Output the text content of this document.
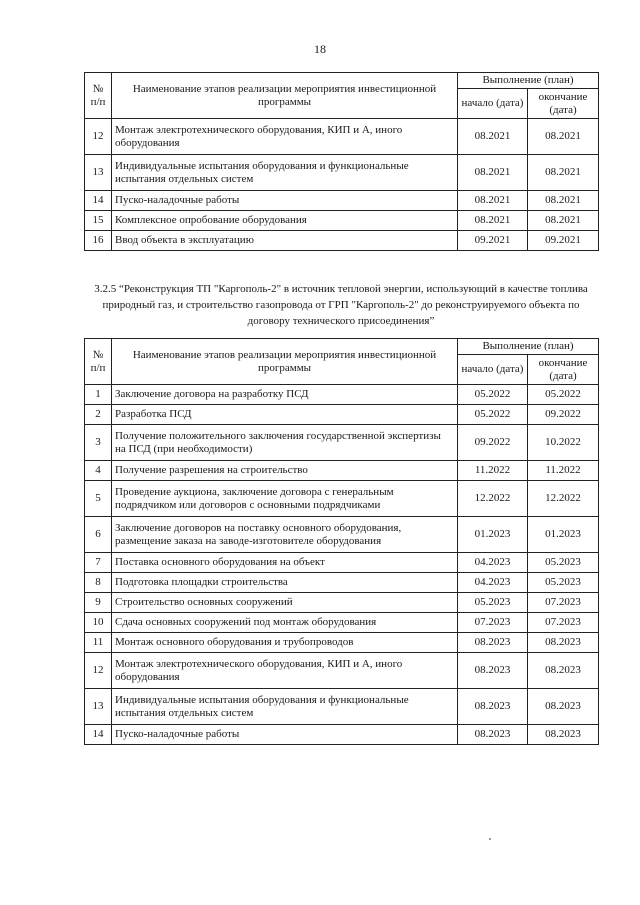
18
№ п/п	Наименование этапов реализации мероприятия инвестиционной программы	Выполнение (план)	
		начало (дата)	окончание (дата)
12	Монтаж электротехнического оборудования, КИП и А, иного оборудования	08.2021	08.2021
13	Индивидуальные испытания оборудования и функциональные испытания отдельных систем	08.2021	08.2021
14	Пуско-наладочные работы	08.2021	08.2021
15	Комплексное опробование оборудования	08.2021	08.2021
16	Ввод объекта в эксплуатацию	09.2021	09.2021
3.2.5 “Реконструкция ТП "Каргополь-2" в источник тепловой энергии, использующий в качестве топлива природный газ, и строительство газопровода от ГРП "Каргополь-2" до реконструируемого объекта по договору технического присоединения”
№ п/п	Наименование этапов реализации мероприятия инвестиционной программы	Выполнение (план)	
		начало (дата)	окончание (дата)
1	Заключение договора на разработку ПСД	05.2022	05.2022
2	Разработка ПСД	05.2022	09.2022
3	Получение положительного заключения государственной экспертизы на ПСД (при необходимости)	09.2022	10.2022
4	Получение разрешения на строительство	11.2022	11.2022
5	Проведение аукциона, заключение договора с генеральным подрядчиком или договоров с основными подрядчиками	12.2022	12.2022
6	Заключение договоров на поставку основного оборудования, размещение заказа на заводе-изготовителе оборудования	01.2023	01.2023
7	Поставка основного оборудования на объект	04.2023	05.2023
8	Подготовка площадки строительства	04.2023	05.2023
9	Строительство основных сооружений	05.2023	07.2023
10	Сдача основных сооружений под монтаж оборудования	07.2023	07.2023
11	Монтаж основного оборудования и трубопроводов	08.2023	08.2023
12	Монтаж электротехнического оборудования, КИП и А, иного оборудования	08.2023	08.2023
13	Индивидуальные испытания оборудования и функциональные испытания отдельных систем	08.2023	08.2023
14	Пуско-наладочные работы	08.2023	08.2023
